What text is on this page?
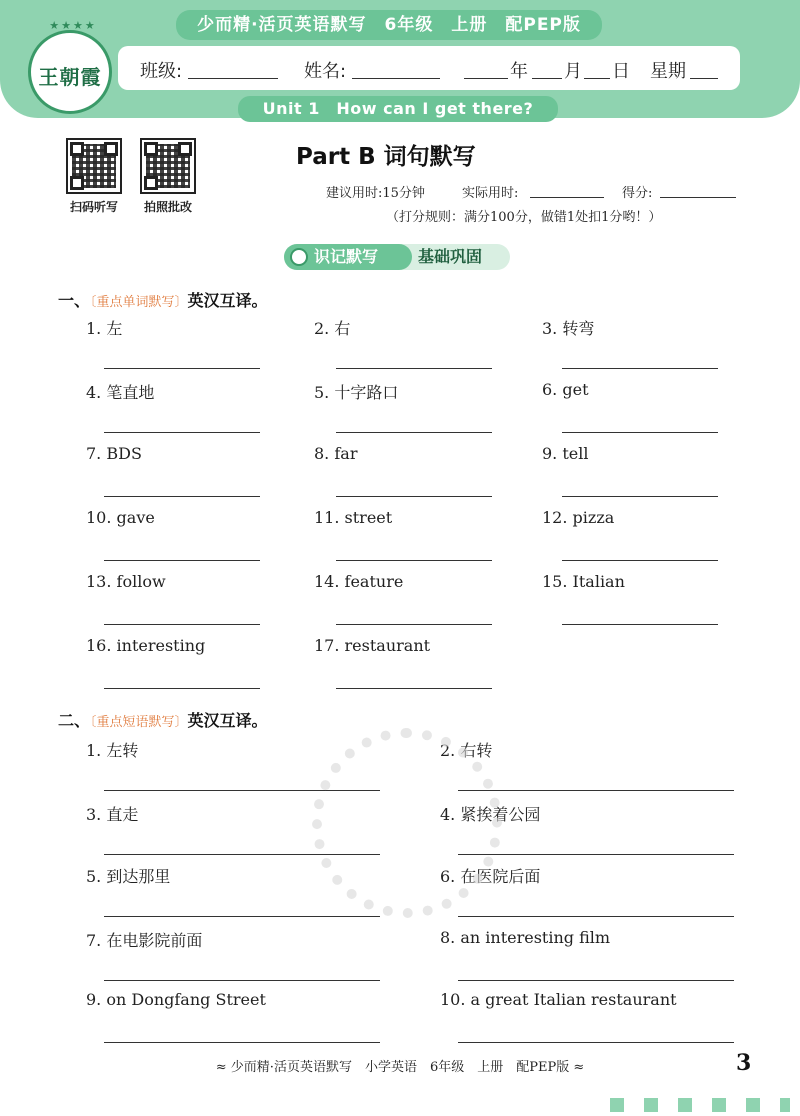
少而精·活页英语默写　6年级　上册　配PEP版
★★★★
王朝霞 班级:	姓名:	年 月 日 星期
Unit 1　How can I get there?
扫码听写	拍照批改
Part B 词句默写
建议用时:15分钟	实际用时:	得分:
（打分规则：满分100分，做错1处扣1分哟！）
识记默写	基础巩固
一、〔重点单词默写〕英汉互译。
1. 左	2. 右	3. 转弯
4. 笔直地	5. 十字路口	6. get
7. BDS	8. far	9. tell
10. gave	11. street	12. pizza
13. follow	14. feature	15. Italian
16. interesting	17. restaurant
二、〔重点短语默写〕英汉互译。
1. 左转	2. 右转
3. 直走	4. 紧挨着公园
5. 到达那里	6. 在医院后面
7. 在电影院前面	8. an interesting film
9. on Dongfang Street	10. a great Italian restaurant
≈ 少而精·活页英语默写　小学英语　6年级　上册　配PEP版 ≈	3
